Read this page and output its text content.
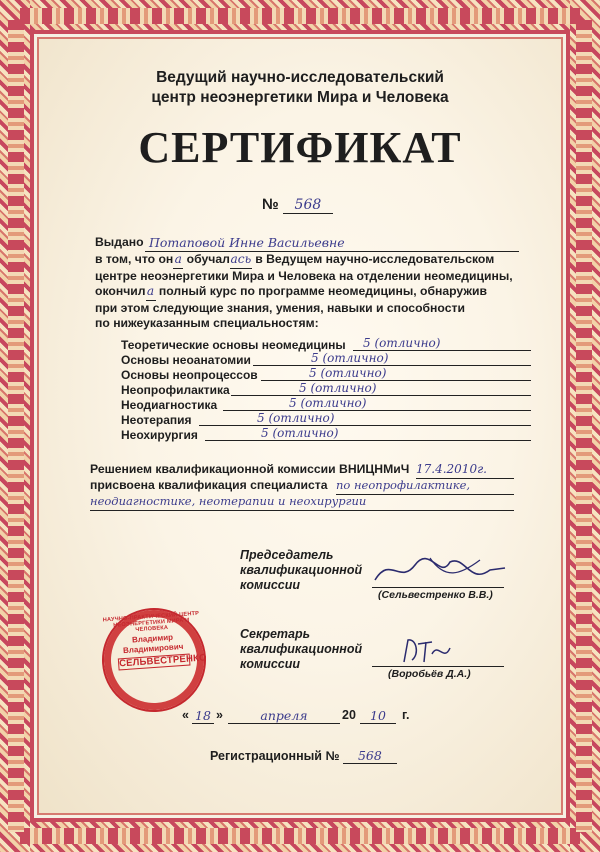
Ведущий научно-исследовательский
центр неоэнергетики Мира и Человека
СЕРТИФИКАТ
№ 568
Выдано Потаповой Инне Васильевне
в том, что она обучалась в Ведущем научно-исследовательском
центре неоэнергетики Мира и Человека на отделении неомедицины,
окончила полный курс по программе неомедицины, обнаружив
при этом следующие знания, умения, навыки и способности
по нижеуказанным специальностям:
Теоретические основы неомедицины 5 (отлично)
Основы неоанатомии	5 (отлично)
Основы неопроцессов	5 (отлично)
Неопрофилактика	5 (отлично)
Неодиагностика	5 (отлично)
Неотерапия	5 (отлично)
Неохирургия	5 (отлично)
Решением квалификационной комиссии ВНИЦНМиЧ 17.4.2010г.
присвоена квалификация специалиста по неопрофилактике,
неодиагностике, неотерапии и неохирургии
Председатель
квалификационной
комиссии
(Сельвестренко В.В.)
НАУЧНО-ПРАКТИЧЕСКИЙ ЦЕНТР НЕОЭНЕРГЕТИКИ МИРА И ЧЕЛОВЕКА
Владимир
Владимирович
СЕЛЬВЕСТРЕНКО
Секретарь
квалификационной
комиссии
(Воробьёв Д.А.)
« 18 »	апреля	20	10	г.
Регистрационный № 568
